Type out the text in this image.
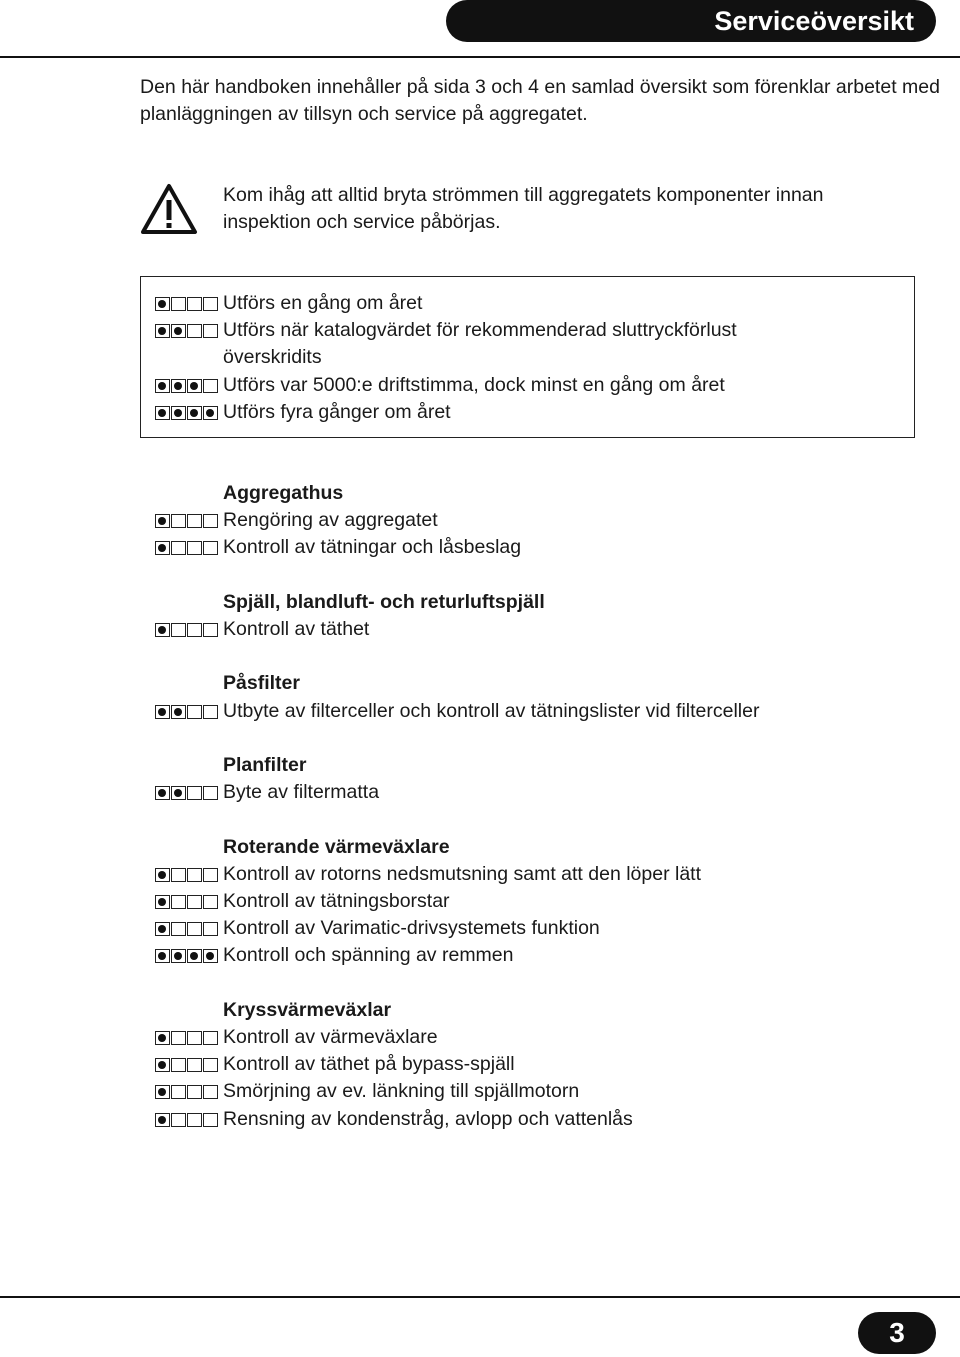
Serviceöversikt

Den här handboken innehåller på sida 3 och 4 en samlad översikt som förenklar arbetet med planläggningen av tillsyn och service på aggregatet.

Kom ihåg att alltid bryta strömmen till aggregatets komponenter innan
inspektion och service påbörjas.

Utförs en gång om året
Utförs när katalogvärdet för rekommenderad sluttryckförlust
överskridits
Utförs var 5000:e driftstimma, dock minst en gång om året
Utförs fyra gånger om året
Aggregathus
Rengöring av aggregatet
Kontroll av tätningar och låsbeslag
Spjäll, blandluft- och returluftspjäll
Kontroll av täthet
Påsfilter
Utbyte av filterceller och kontroll av tätningslister vid filterceller
Planfilter
Byte av filtermatta
Roterande värmeväxlare
Kontroll av rotorns nedsmutsning samt att den löper lätt
Kontroll av tätningsborstar
Kontroll av Varimatic-drivsystemets funktion
Kontroll och spänning av remmen
Kryssvärmeväxlar
Kontroll av värmeväxlare
Kontroll av täthet på bypass-spjäll
Smörjning av ev. länkning till spjällmotorn
Rensning av kondenstråg, avlopp och vattenlås
3
